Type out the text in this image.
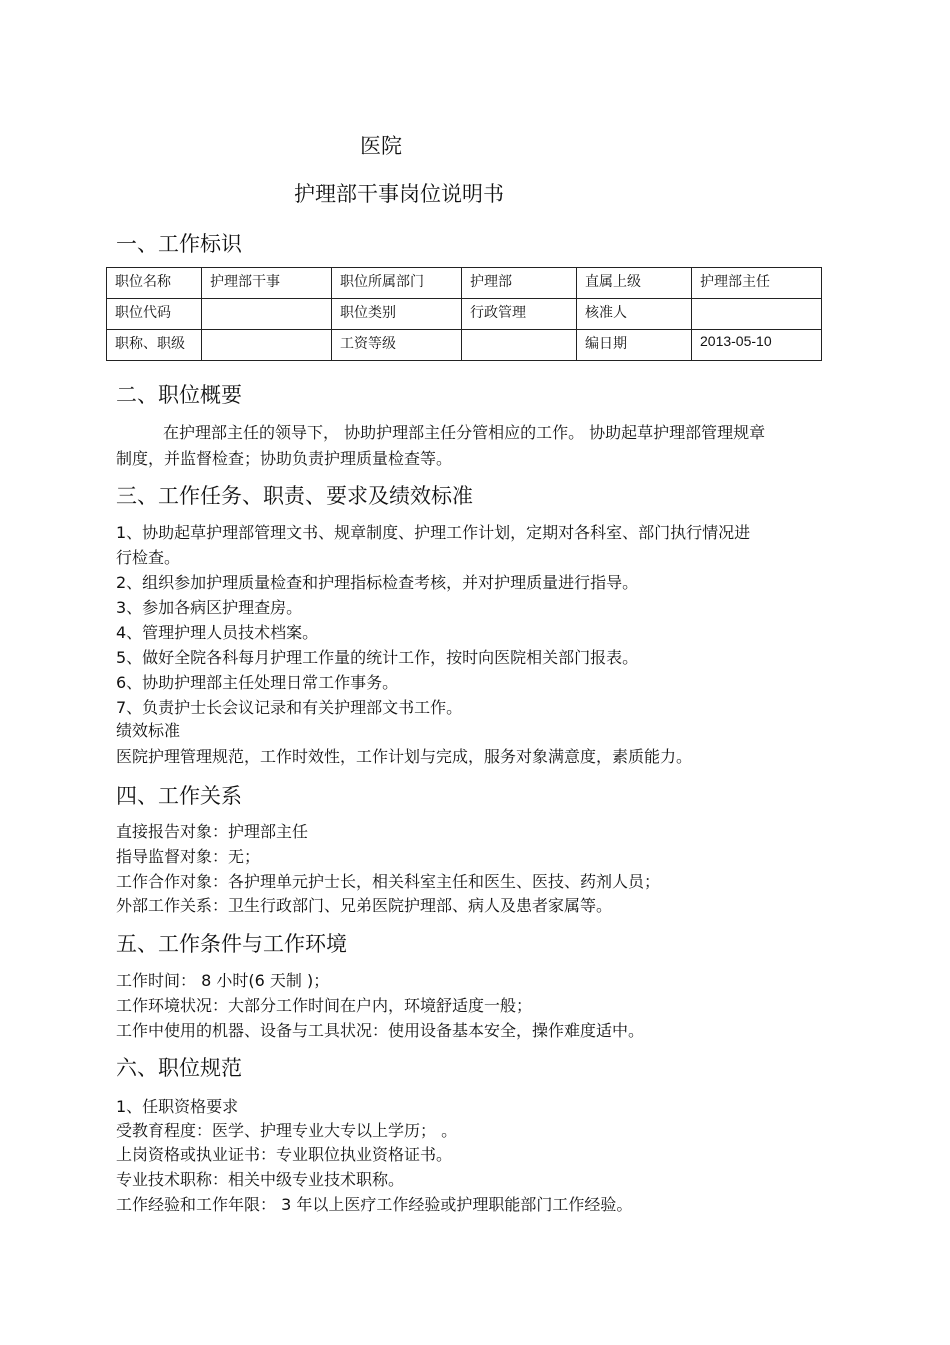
医院
护理部干事岗位说明书
一、工作标识
职位名称	护理部干事	职位所属部门	护理部	直属上级	护理部主任
职位代码		职位类别	行政管理	核准人	
职称、职级		工资等级		编日期	2013-05-10
二、职位概要
在护理部主任的领导下， 协助护理部主任分管相应的工作。 协助起草护理部管理规章
制度，并监督检查；协助负责护理质量检查等。
三、工作任务、职责、要求及绩效标准
1、协助起草护理部管理文书、规章制度、护理工作计划，定期对各科室、部门执行情况进
行检查。
2、组织参加护理质量检查和护理指标检查考核，并对护理质量进行指导。
3、参加各病区护理查房。
4、管理护理人员技术档案。
5、做好全院各科每月护理工作量的统计工作，按时向医院相关部门报表。
6、协助护理部主任处理日常工作事务。
7、负责护士长会议记录和有关护理部文书工作。
绩效标准
医院护理管理规范，工作时效性，工作计划与完成，服务对象满意度，素质能力。
四、工作关系
直接报告对象：护理部主任
指导监督对象：无；
工作合作对象：各护理单元护士长，相关科室主任和医生、医技、药剂人员；
外部工作关系：卫生行政部门、兄弟医院护理部、病人及患者家属等。
五、工作条件与工作环境
工作时间： 8 小时(6 天制 )；
工作环境状况：大部分工作时间在户内，环境舒适度一般；
工作中使用的机器、设备与工具状况：使用设备基本安全，操作难度适中。
六、职位规范
1、任职资格要求
受教育程度：医学、护理专业大专以上学历； 。
上岗资格或执业证书：专业职位执业资格证书。
专业技术职称：相关中级专业技术职称。
工作经验和工作年限： 3 年以上医疗工作经验或护理职能部门工作经验。
